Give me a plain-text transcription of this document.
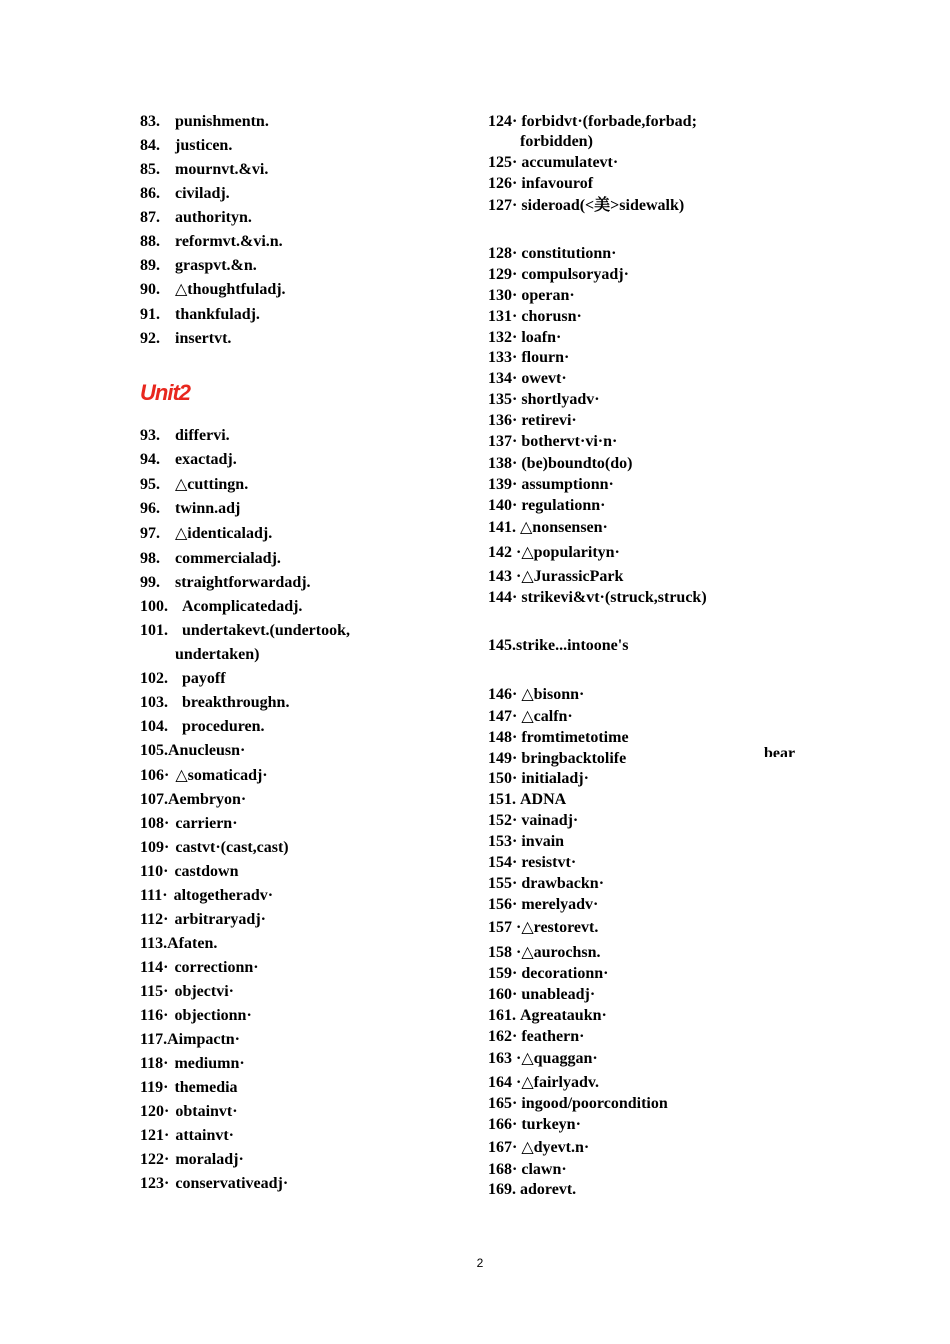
83. punishmentn.
84. justicen.
85. mournvt.&vi.
86. civiladj.
87. authorityn.
88. reformvt.&vi.n.
89. graspvt.&n.
90. △thoughtfuladj.
91. thankfuladj.
92. insertvt.
93. differvi.
94. exactadj.
95. △cuttingn.
96. twinn.adj
97. △identicaladj.
98. commercialadj.
99. straightforwardadj.
100. Acomplicatedadj.
101. undertakevt.(undertook,
undertaken)
102. payoff
103. breakthroughn.
104. proceduren.
105.Anucleusn·
106· △somaticadj·
107.Aembryon·
108· carriern·
109· castvt·(cast,cast)
110· castdown
111· altogetheradv·
112· arbitraryadj·
113.Afaten.
114· correctionn·
115· objectvi·
116· objectionn·
117.Aimpactn·
118· mediumn·
119· themedia
120· obtainvt·
121· attainvt·
122· moraladj·
123· conservativeadj·
Unit2
124· forbidvt·(forbade,forbad;
forbidden)
125· accumulatevt·
126· infavourof
127· sideroad(<美>sidewalk)
128· constitutionn·
129· compulsoryadj·
130· operan·
131· chorusn·
132· loafn·
133· flourn·
134· owevt·
135· shortlyadv·
136· retirevi·
137· bothervt·vi·n·
138· (be)boundto(do)
139· assumptionn·
140· regulationn·
141. △nonsensen·
142 ·△popularityn·
143 ·△JurassicPark
144· strikevi&vt·(struck,struck)
145.strike...intoone's
146· △bisonn·
147· △calfn·
148· fromtimetotime
149· bringbacktolife
150· initialadj·
151. ADNA
152· vainadj·
153· invain
154· resistvt·
155· drawbackn·
156· merelyadv·
157 ·△restorevt.
158 ·△aurochsn.
159· decorationn·
160· unableadj·
161. Agreataukn·
162· feathern·
163 ·△quaggan·
164 ·△fairlyadv.
165· ingood/poorcondition
166· turkeyn·
167· △dyevt.n·
168· clawn·
169. adorevt.
bear
2
